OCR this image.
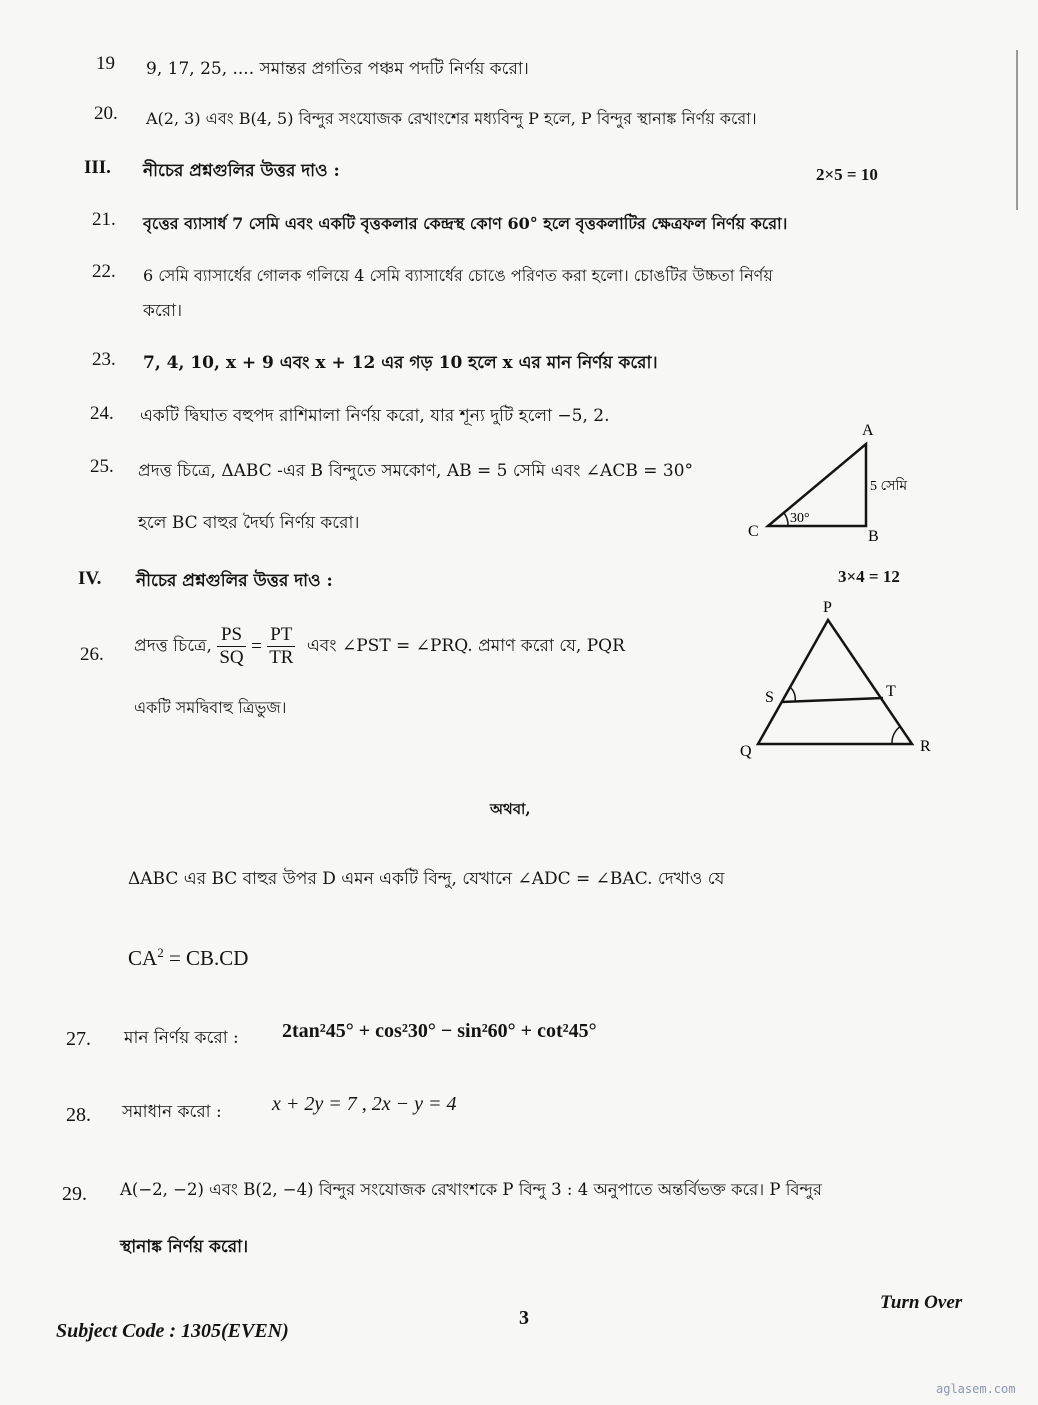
19 9, 17, 25, .... সমান্তর প্রগতির পঞ্চম পদটি নির্ণয় করো।
20. A(2, 3) এবং B(4, 5) বিন্দুর সংযোজক রেখাংশের মধ্যবিন্দু P হলে, P বিন্দুর স্থানাঙ্ক নির্ণয় করো।
III. নীচের প্রশ্নগুলির উত্তর দাও :	2×5 = 10
21. বৃত্তের ব্যাসার্ধ 7 সেমি এবং একটি বৃত্তকলার কেন্দ্রস্থ কোণ 60° হলে বৃত্তকলাটির ক্ষেত্রফল নির্ণয় করো।
22. 6 সেমি ব্যাসার্ধের গোলক গলিয়ে 4 সেমি ব্যাসার্ধের চোঙে পরিণত করা হলো। চোঙটির উচ্চতা নির্ণয়
করো।
23. 7, 4, 10, x + 9 এবং x + 12 এর গড় 10 হলে x এর মান নির্ণয় করো।
24. একটি দ্বিঘাত বহুপদ রাশিমালা নির্ণয় করো, যার শূন্য দুটি হলো −5, 2.
25. প্রদত্ত চিত্রে, ΔABC -এর B বিন্দুতে সমকোণ, AB = 5 সেমি এবং ∠ACB = 30°
হলে BC বাহুর দৈর্ঘ্য নির্ণয় করো।
A
B
C
5 সেমি
30°
IV. নীচের প্রশ্নগুলির উত্তর দাও :	3×4 = 12
26. প্রদত্ত চিত্রে, $\frac{PS}{SQ} = \frac{PT}{TR}$ এবং ∠PST = ∠PRQ. প্রমাণ করো যে, PQR
একটি সমদ্বিবাহু ত্রিভুজ।
P
Q	R
S	T
অথবা,
ΔABC এর BC বাহুর উপর D এমন একটি বিন্দু, যেখানে ∠ADC = ∠BAC. দেখাও যে
$CA^2 = CB.CD$
27. মান নির্ণয় করো : 2tan²45° + cos²30° − sin²60° + cot²45°
28. সমাধান করো :	x + 2y = 7 , 2x − y = 4
29. A(−2, −2) এবং B(2, −4) বিন্দুর সংযোজক রেখাংশকে P বিন্দু 3 : 4 অনুপাতে অন্তর্বিভক্ত করে। P বিন্দুর
স্থানাঙ্ক নির্ণয় করো।
Turn Over
3
Subject Code : 1305(EVEN)
aglasem.com
